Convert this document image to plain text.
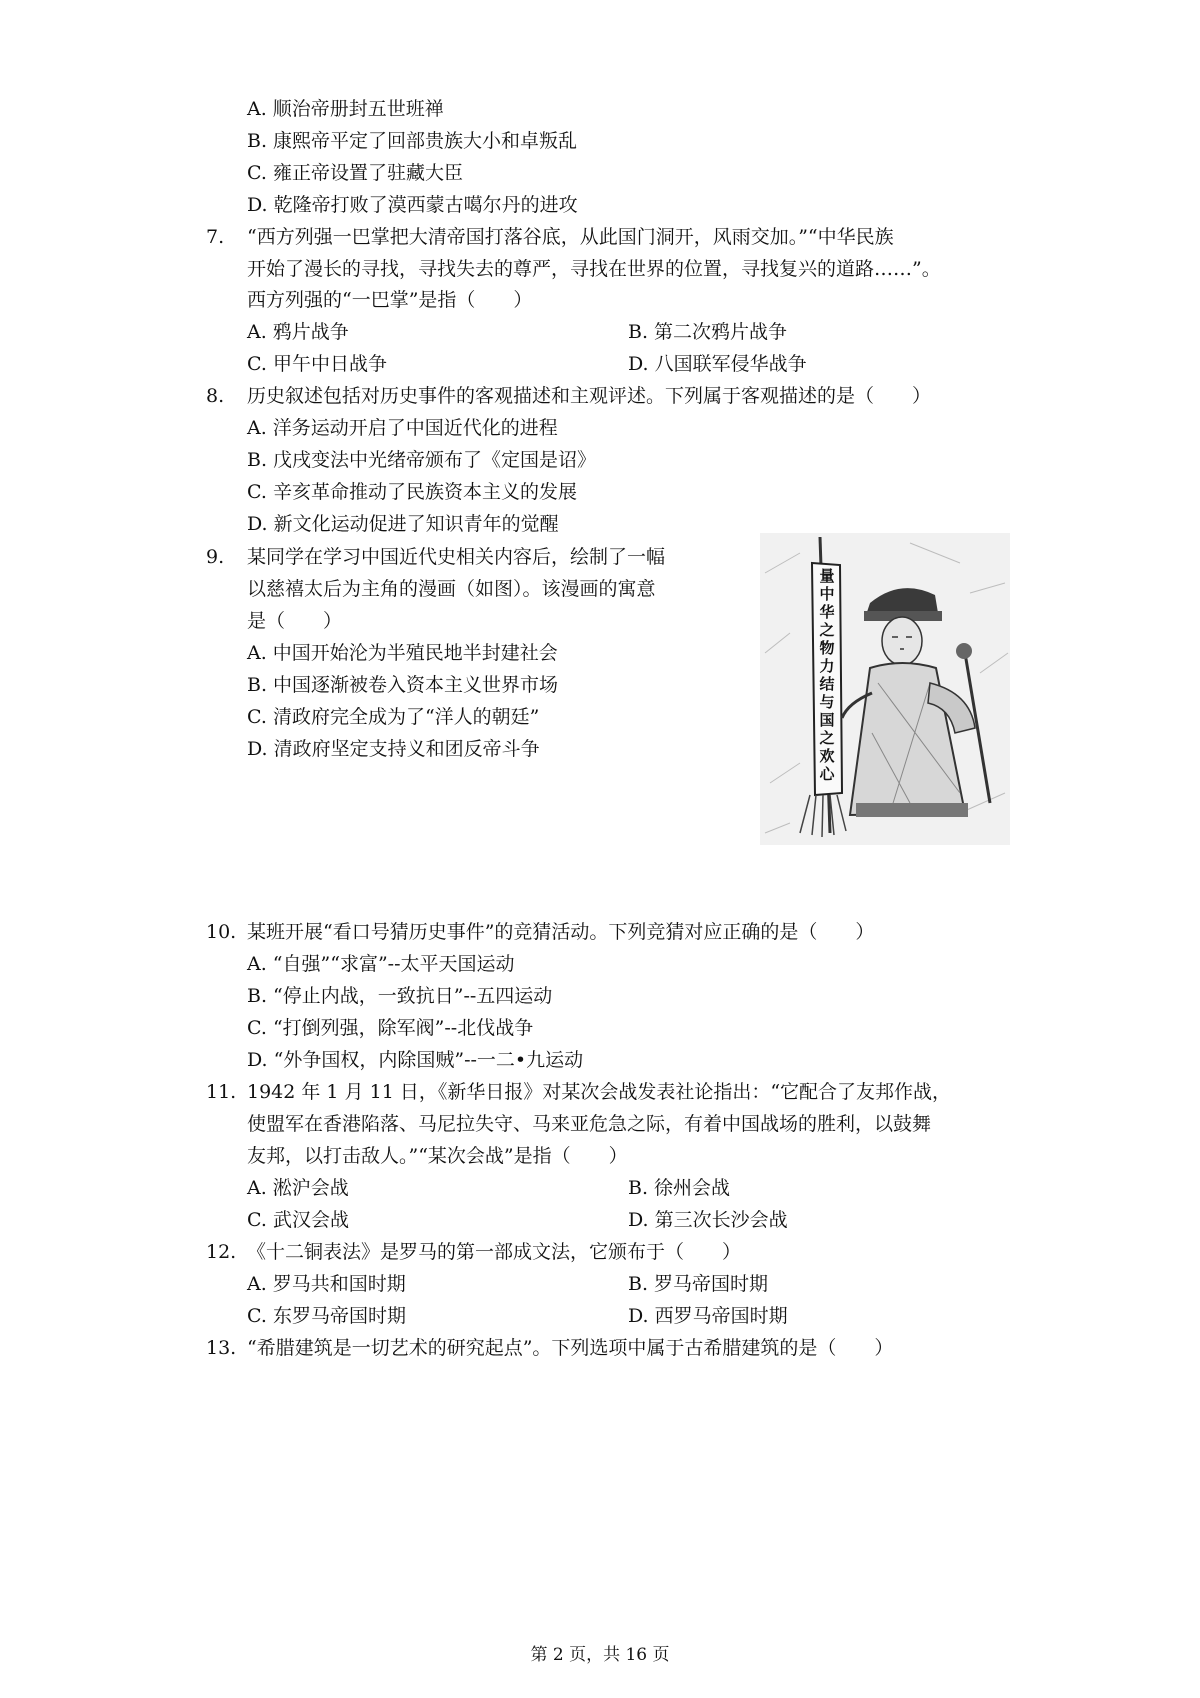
A. 顺治帝册封五世班禅
B. 康熙帝平定了回部贵族大小和卓叛乱
C. 雍正帝设置了驻藏大臣
D. 乾隆帝打败了漠西蒙古噶尔丹的进攻
7. “西方列强一巴掌把大清帝国打落谷底，从此国门洞开，风雨交加。”“中华民族
开始了漫长的寻找，寻找失去的尊严，寻找在世界的位置，寻找复兴的道路……”。
西方列强的“一巴掌”是指（　　）
A. 鸦片战争	B. 第二次鸦片战争
C. 甲午中日战争	D. 八国联军侵华战争
8. 历史叙述包括对历史事件的客观描述和主观评述。下列属于客观描述的是（　　）
A. 洋务运动开启了中国近代化的进程
B. 戊戌变法中光绪帝颁布了《定国是诏》
C. 辛亥革命推动了民族资本主义的发展
D. 新文化运动促进了知识青年的觉醒
9. 某同学在学习中国近代史相关内容后，绘制了一幅
以慈禧太后为主角的漫画（如图）。该漫画的寓意
是（　　）
A. 中国开始沦为半殖民地半封建社会
B. 中国逐渐被卷入资本主义世界市场
C. 清政府完全成为了“洋人的朝廷”
D. 清政府坚定支持义和团反帝斗争
量中华之物力结与国之欢心
10. 某班开展“看口号猜历史事件”的竞猜活动。下列竞猜对应正确的是（　　）
A. “自强”“求富”--太平天国运动
B. “停止内战，一致抗日”--五四运动
C. “打倒列强，除军阀”--北伐战争
D. “外争国权，内除国贼”--一二•九运动
11. 1942 年 1 月 11 日，《新华日报》对某次会战发表社论指出：“它配合了友邦作战，
使盟军在香港陷落、马尼拉失守、马来亚危急之际，有着中国战场的胜利，以鼓舞
友邦，以打击敌人。”“某次会战”是指（　　）
A. 淞沪会战	B. 徐州会战
C. 武汉会战	D. 第三次长沙会战
12. 《十二铜表法》是罗马的第一部成文法，它颁布于（　　）
A. 罗马共和国时期	B. 罗马帝国时期
C. 东罗马帝国时期	D. 西罗马帝国时期
13. “希腊建筑是一切艺术的研究起点”。下列选项中属于古希腊建筑的是（　　）
第 2 页，共 16 页
